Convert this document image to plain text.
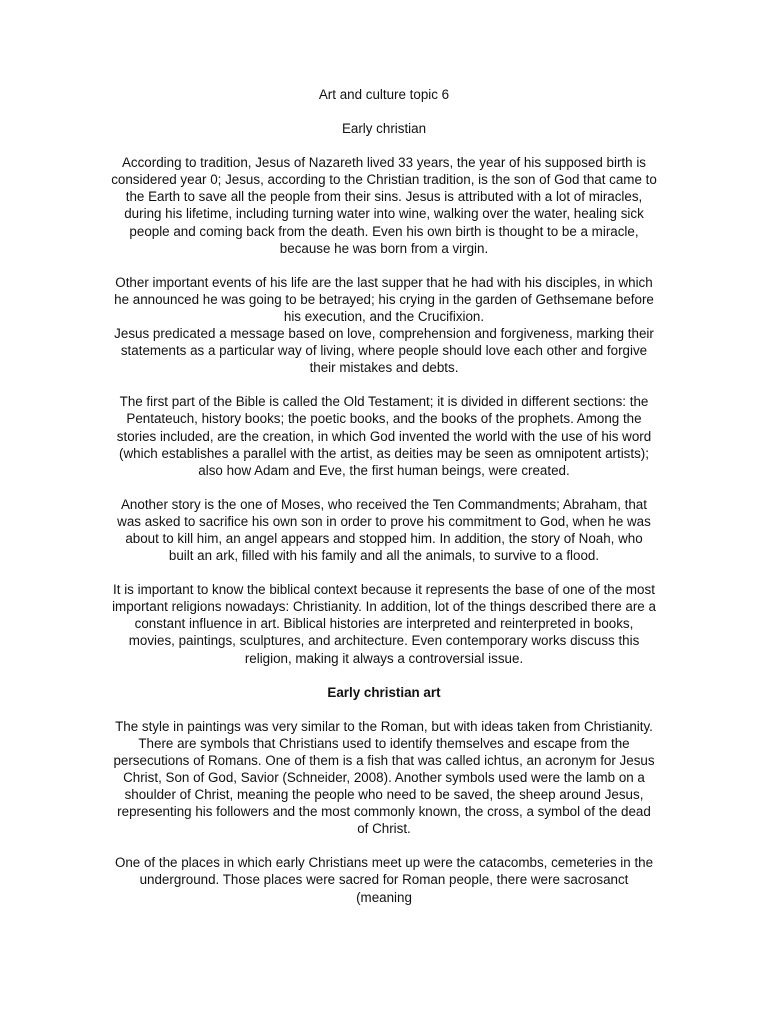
Art and culture topic 6

Early christian

According to tradition, Jesus of Nazareth lived 33 years, the year of his supposed birth is
considered year 0; Jesus, according to the Christian tradition, is the son of God that came to
the Earth to save all the people from their sins. Jesus is attributed with a lot of miracles,
during his lifetime, including turning water into wine, walking over the water, healing sick
people and coming back from the death. Even his own birth is thought to be a miracle,
because he was born from a virgin.

Other important events of his life are the last supper that he had with his disciples, in which
he announced he was going to be betrayed; his crying in the garden of Gethsemane before
his execution, and the Crucifixion.

Jesus predicated a message based on love, comprehension and forgiveness, marking their
statements as a particular way of living, where people should love each other and forgive
their mistakes and debts.

The first part of the Bible is called the Old Testament; it is divided in different sections: the
Pentateuch, history books; the poetic books, and the books of the prophets. Among the
stories included, are the creation, in which God invented the world with the use of his word
(which establishes a parallel with the artist, as deities may be seen as omnipotent artists);
also how Adam and Eve, the first human beings, were created.

Another story is the one of Moses, who received the Ten Commandments; Abraham, that
was asked to sacrifice his own son in order to prove his commitment to God, when he was
about to kill him, an angel appears and stopped him. In addition, the story of Noah, who
built an ark, filled with his family and all the animals, to survive to a flood.

It is important to know the biblical context because it represents the base of one of the most
important religions nowadays: Christianity. In addition, lot of the things described there are a
constant influence in art. Biblical histories are interpreted and reinterpreted in books,
movies, paintings, sculptures, and architecture. Even contemporary works discuss this
religion, making it always a controversial issue.

Early christian art

The style in paintings was very similar to the Roman, but with ideas taken from Christianity.
There are symbols that Christians used to identify themselves and escape from the
persecutions of Romans. One of them is a fish that was called ichtus, an acronym for Jesus
Christ, Son of God, Savior (Schneider, 2008). Another symbols used were the lamb on a
shoulder of Christ, meaning the people who need to be saved, the sheep around Jesus,
representing his followers and the most commonly known, the cross, a symbol of the dead
of Christ.

One of the places in which early Christians meet up were the catacombs, cemeteries in the
underground. Those places were sacred for Roman people, there were sacrosanct
(meaning
